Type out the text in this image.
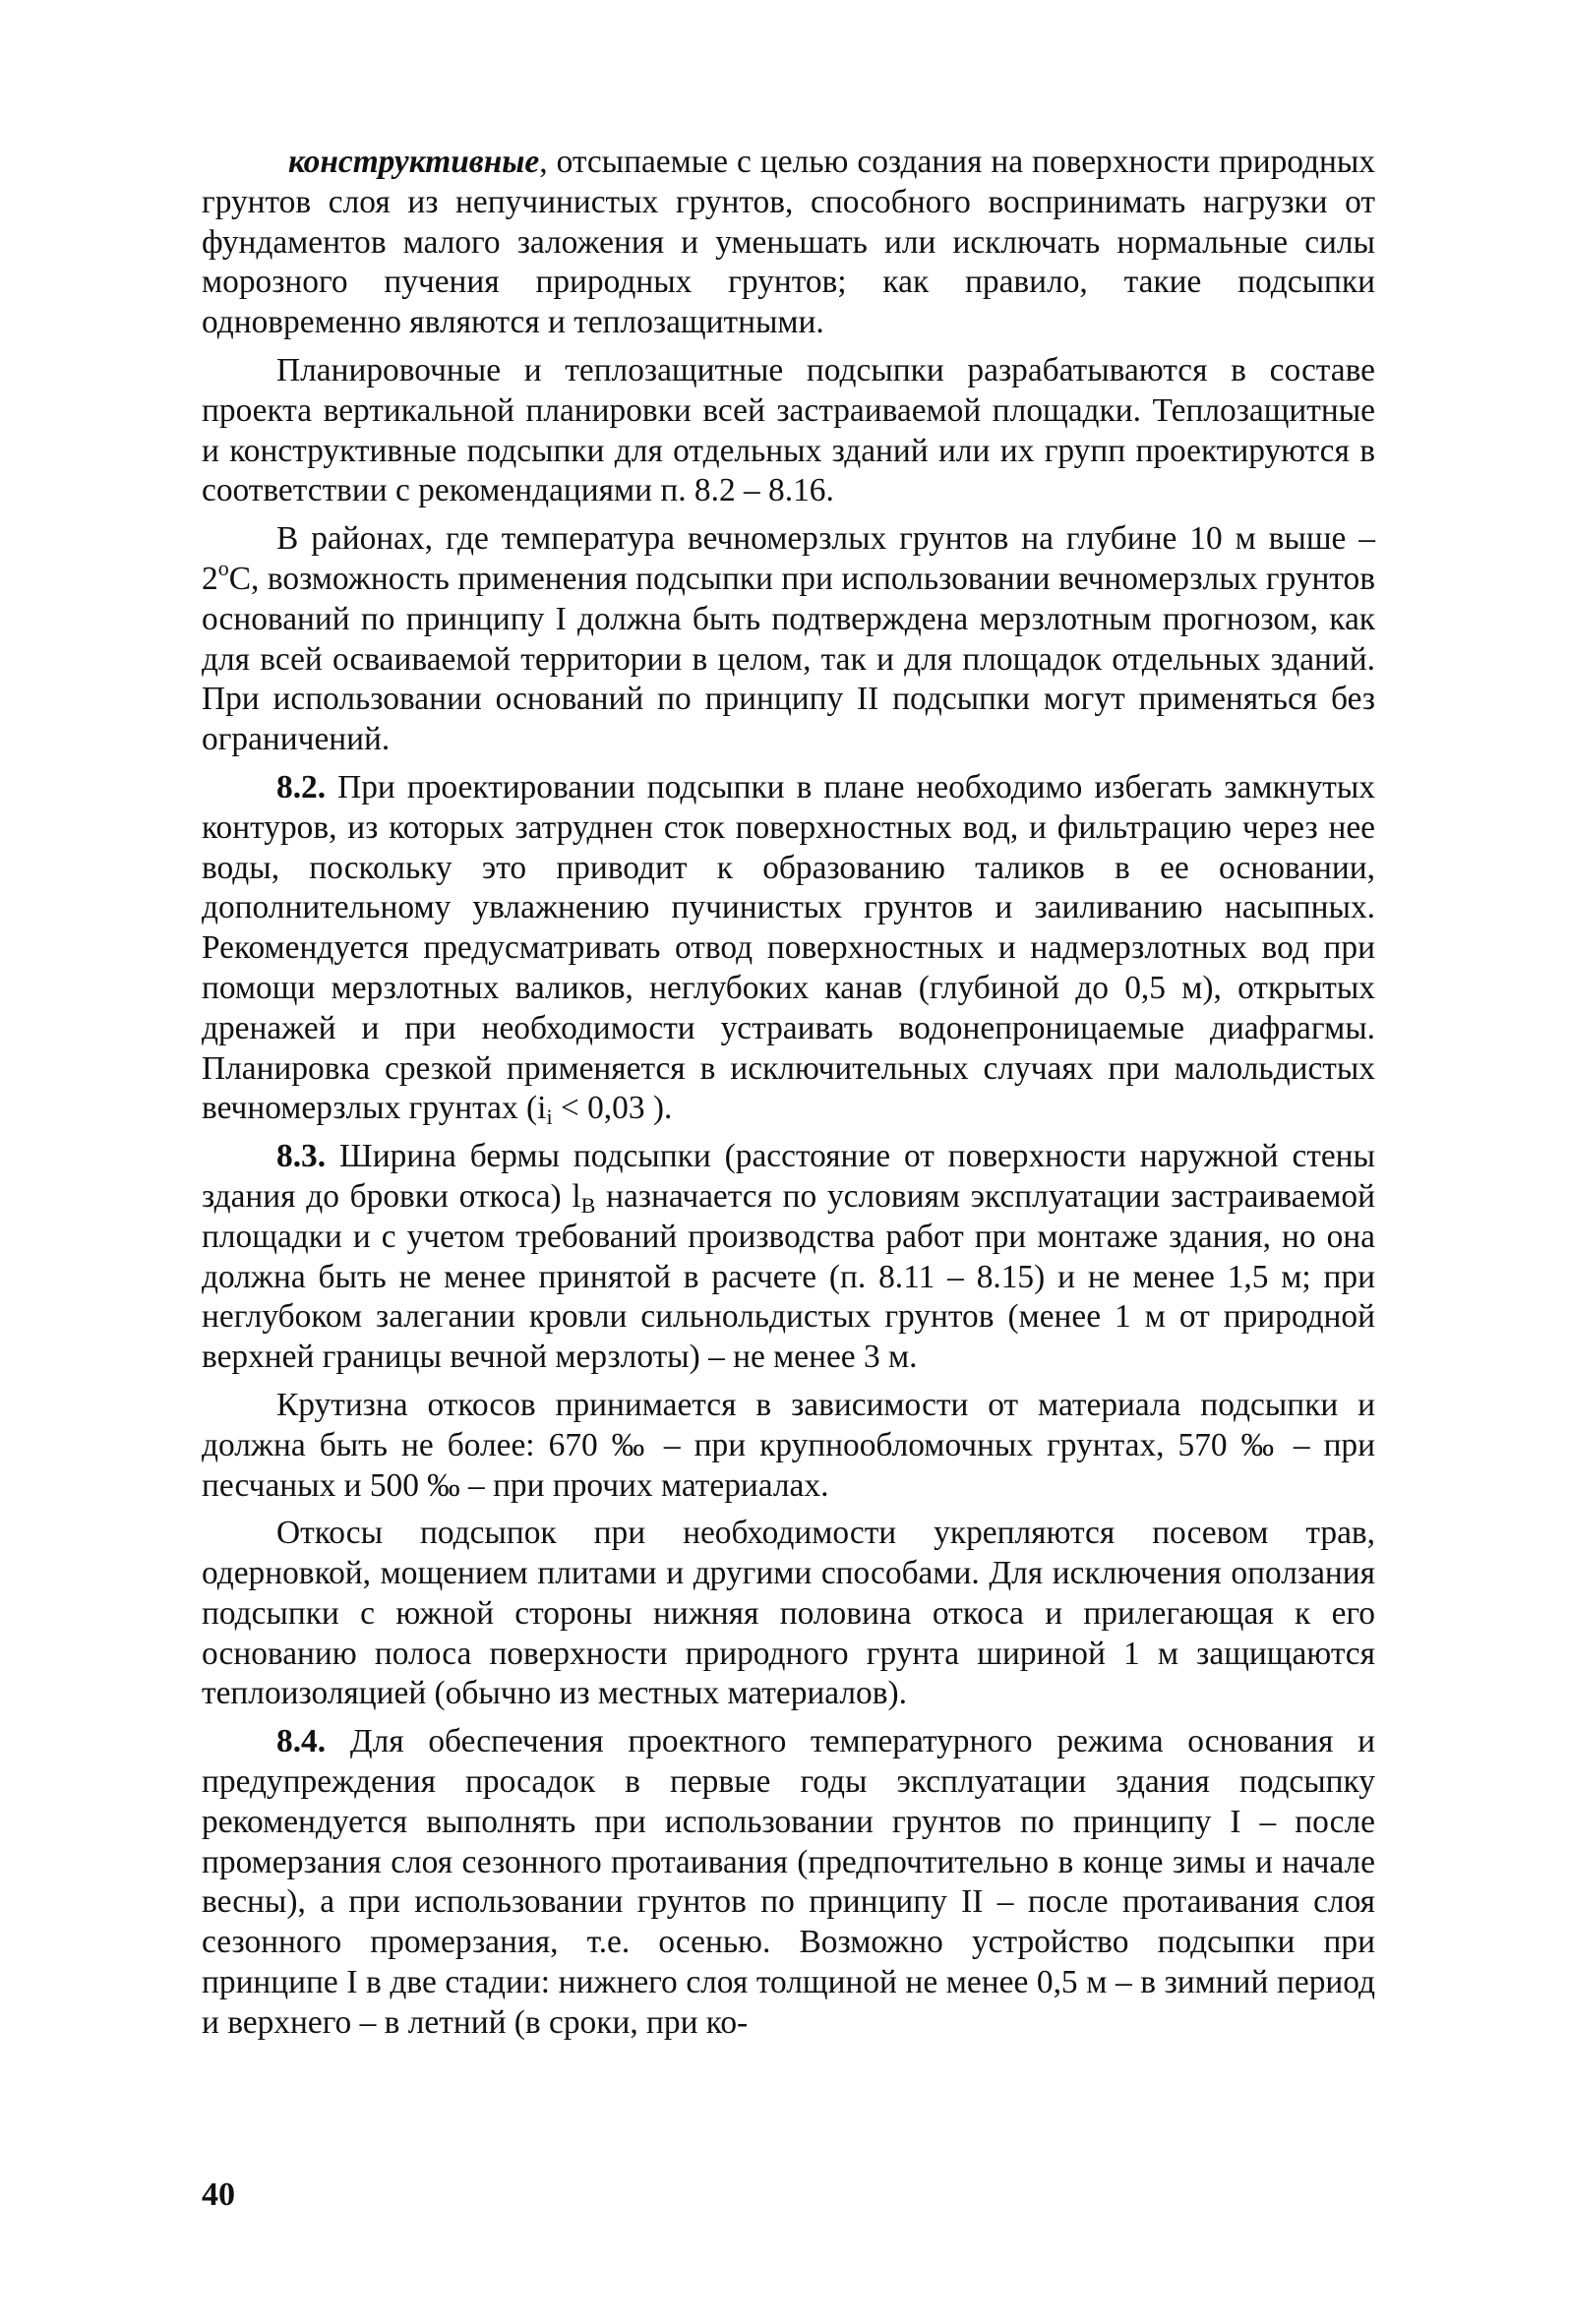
конструктивные, отсыпаемые с целью создания на поверхности природных грунтов слоя из непучинистых грунтов, способного воспринимать нагрузки от фундаментов малого заложения и уменьшать или исключать нормальные силы морозного пучения природных грунтов; как правило, такие подсыпки одновременно являются и теплозащитными.

Планировочные и теплозащитные подсыпки разрабатываются в составе проекта вертикальной планировки всей застраиваемой площадки. Теплозащитные и конструктивные подсыпки для отдельных зданий или их групп проектируются в соответствии с рекомендациями п. 8.2 – 8.16.

В районах, где температура вечномерзлых грунтов на глубине 10 м выше $-2^оС$, возможность применения подсыпки при использовании вечномерзлых грунтов оснований по принципу I должна быть подтверждена мерзлотным прогнозом, как для всей осваиваемой территории в целом, так и для площадок отдельных зданий. При использовании оснований по принципу II подсыпки могут применяться без ограничений.

8.2. При проектировании подсыпки в плане необходимо избегать замкнутых контуров, из которых затруднен сток поверхностных вод, и фильтрацию через нее воды, поскольку это приводит к образованию таликов в ее основании, дополнительному увлажнению пучинистых грунтов и заиливанию насыпных. Рекомендуется предусматривать отвод поверхностных и надмерзлотных вод при помощи мерзлотных валиков, неглубоких канав (глубиной до 0,5 м), открытых дренажей и при необходимости устраивать водонепроницаемые диафрагмы. Планировка срезкой применяется в исключительных случаях при малольдистых вечномерзлых грунтах ($i_i < 0,03$ ).

8.3. Ширина бермы подсыпки (расстояние от поверхности наружной стены здания до бровки откоса) $l_B$ назначается по условиям эксплуатации застраиваемой площадки и с учетом требований производства работ при монтаже здания, но она должна быть не менее принятой в расчете (п. 8.11 – 8.15) и не менее 1,5 м; при неглубоком залегании кровли сильнольдистых грунтов (менее 1 м от природной верхней границы вечной мерзлоты) – не менее 3 м.

Крутизна откосов принимается в зависимости от материала подсыпки и должна быть не более: 670 ‰ – при крупнообломочных грунтах, 570 ‰ – при песчаных и 500 ‰ – при прочих материалах.

Откосы подсыпок при необходимости укрепляются посевом трав, одерновкой, мощением плитами и другими способами. Для исключения оползания подсыпки с южной стороны нижняя половина откоса и прилегающая к его основанию полоса поверхности природного грунта шириной 1 м защищаются теплоизоляцией (обычно из местных материалов).

8.4. Для обеспечения проектного температурного режима основания и предупреждения просадок в первые годы эксплуатации здания подсыпку рекомендуется выполнять при использовании грунтов по принципу I – после промерзания слоя сезонного протаивания (предпочтительно в конце зимы и начале весны), а при использовании грунтов по принципу II – после протаивания слоя сезонного промерзания, т.е. осенью. Возможно устройство подсыпки при принципе I в две стадии: нижнего слоя толщиной не менее 0,5 м – в зимний период и верхнего – в летний (в сроки, при ко-

40
